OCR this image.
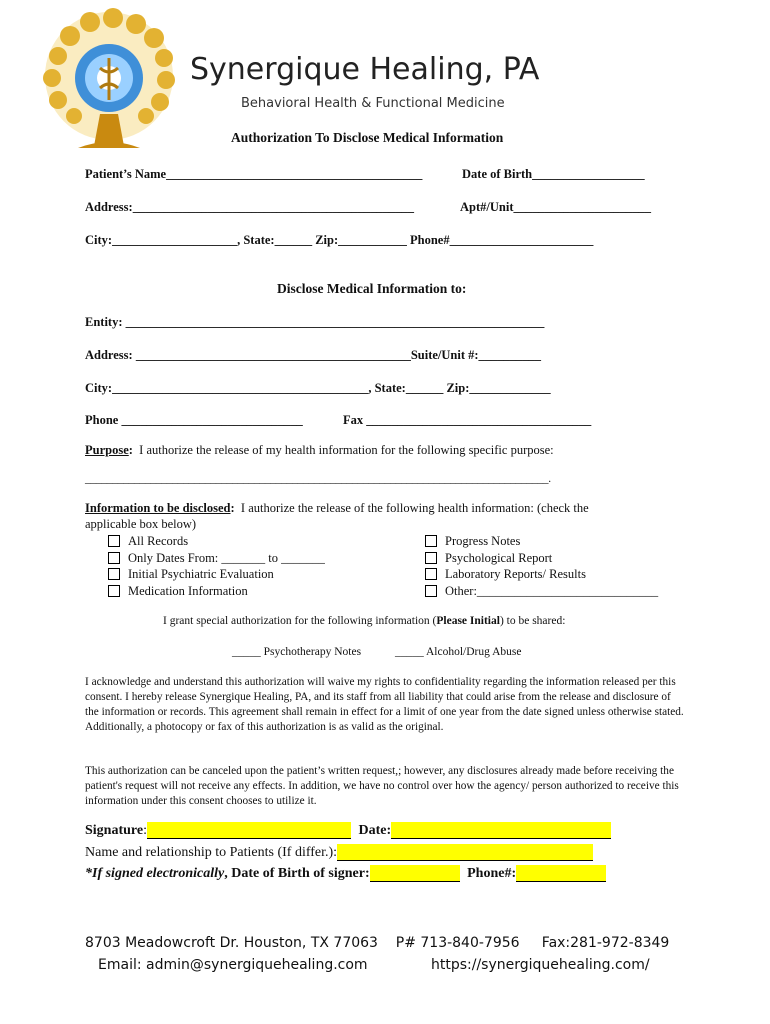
Synergique Healing, PA
Behavioral Health & Functional Medicine
Authorization To Disclose Medical Information
Patient’s Name_________________________________________	Date of Birth__________________
Address:_____________________________________________	Apt#/Unit______________________
City:____________________, State:______ Zip:___________ Phone#_______________________
Disclose Medical Information to:
Entity: ___________________________________________________________________
Address: ____________________________________________Suite/Unit #:__________
City:_________________________________________, State:______ Zip:_____________
Phone _____________________________	Fax ____________________________________
Purpose: I authorize the release of my health information for the following specific purpose:
_____________________________________________________________________________________.
Information to be disclosed: I authorize the release of the following health information: (check the
applicable box below)
All Records
Only Dates From: _______ to _______
Initial Psychiatric Evaluation
Medication Information
Progress Notes
Psychological Report
Laboratory Reports/ Results
Other:_____________________________
I grant special authorization for the following information (Please Initial) to be shared:
_____ Psychotherapy Notes	_____ Alcohol/Drug Abuse
I acknowledge and understand this authorization will waive my rights to confidentiality regarding the information released per this consent. I hereby release Synergique Healing, PA, and its staff from all liability that could arise from the release and disclosure of the information or records. This agreement shall remain in effect for a limit of one year from the date signed unless otherwise stated. Additionally, a photocopy or fax of this authorization is as valid as the original.
This authorization can be canceled upon the patient’s written request,; however, any disclosures already made before receiving the patient's request will not receive any effects. In addition, we have no control over how the agency/ person authorized to receive this information under this consent chooses to utilize it.
Signature:	Date:
Name and relationship to Patients (If differ.):
*If signed electronically, Date of Birth of signer:	Phone#:
8703 Meadowcroft Dr. Houston, TX 77063    P# 713-840-7956     Fax:281-972-8349
Email: admin@synergiquehealing.com	https://synergiquehealing.com/
